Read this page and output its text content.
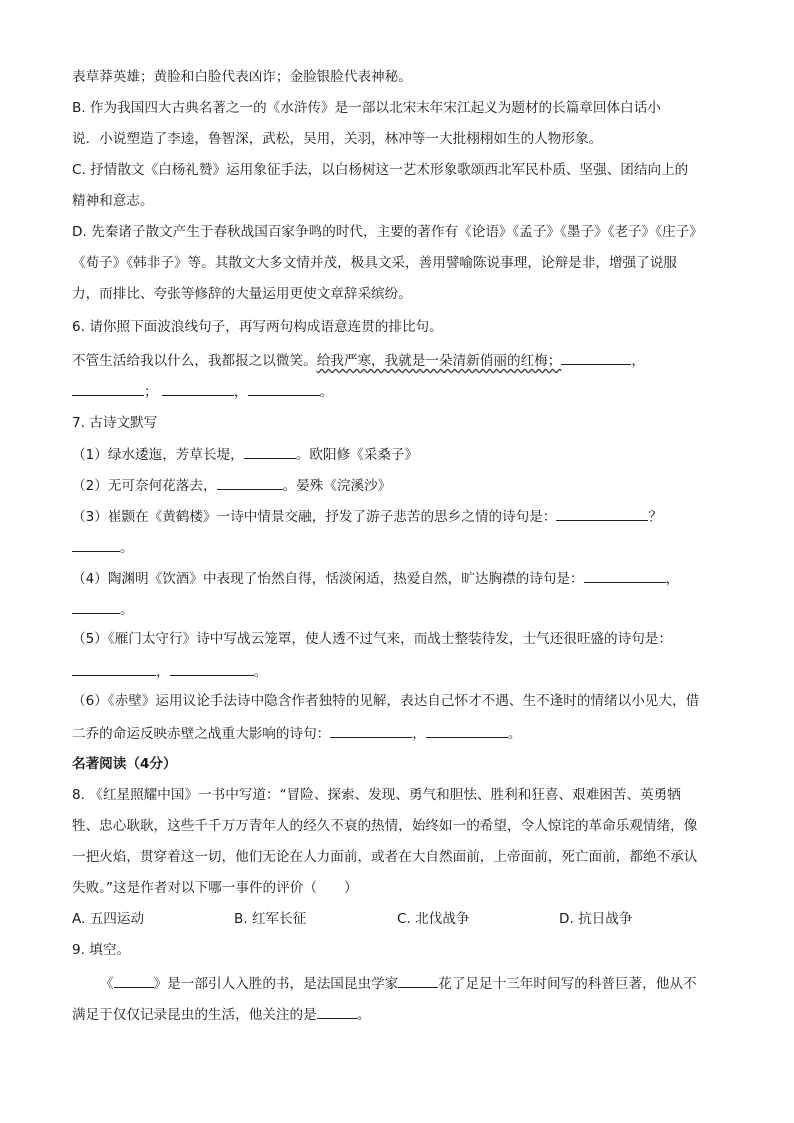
表草莽英雄；黄脸和白脸代表凶诈；金脸银脸代表神秘。
B. 作为我国四大古典名著之一的《水浒传》是一部以北宋末年宋江起义为题材的长篇章回体白话小
说．小说塑造了李逵，鲁智深，武松，吴用，关羽，林冲等一大批栩栩如生的人物形象。
C. 抒情散文《白杨礼赞》运用象征手法，以白杨树这一艺术形象歌颂西北军民朴质、坚强、团结向上的
精神和意志。
D. 先秦诸子散文产生于春秋战国百家争鸣的时代，主要的著作有《论语》《孟子》《墨子》《老子》《庄子》
《荀子》《韩非子》等。其散文大多文情并茂，极具文采，善用譬喻陈说事理，论辩是非，增强了说服
力，而排比、夸张等修辞的大量运用更使文章辞采缤纷。
6. 请你照下面波浪线句子，再写两句构成语意连贯的排比句。
不管生活给我以什么，我都报之以微笑。给我严寒，我就是一朵清新俏丽的红梅；	，
；	，	。
7. 古诗文默写
（1）绿水逶迤，芳草长堤，	。欧阳修《采桑子》
（2）无可奈何花落去，	。晏殊《浣溪沙》
（3）崔颢在《黄鹤楼》一诗中情景交融，抒发了游子悲苦的思乡之情的诗句是：	？
。
（4）陶渊明《饮酒》中表现了怡然自得，恬淡闲适，热爱自然，旷达胸襟的诗句是：	，
。
（5）《雁门太守行》诗中写战云笼罩，使人透不过气来，而战士整装待发，士气还很旺盛的诗句是：
，	。
（6）《赤壁》运用议论手法诗中隐含作者独特的见解，表达自己怀才不遇、生不逢时的情绪以小见大，借
二乔的命运反映赤壁之战重大影响的诗句：	，	。
名著阅读（4分）
8. 《红星照耀中国》一书中写道：“冒险、探索、发现、勇气和胆怯、胜利和狂喜、艰难困苦、英勇牺
牲、忠心耿耿，这些千千万万青年人的经久不衰的热情，始终如一的希望，令人惊诧的革命乐观情绪，像
一把火焰，贯穿着这一切，他们无论在人力面前，或者在大自然面前，上帝面前，死亡面前，都绝不承认
失败。”这是作者对以下哪一事件的评价（　　）
A. 五四运动	B. 红军长征	C. 北伐战争	D. 抗日战争
9. 填空。
《	》是一部引人入胜的书，是法国昆虫学家	花了足足十三年时间写的科普巨著，他从不
满足于仅仅记录昆虫的生活，他关注的是	。
